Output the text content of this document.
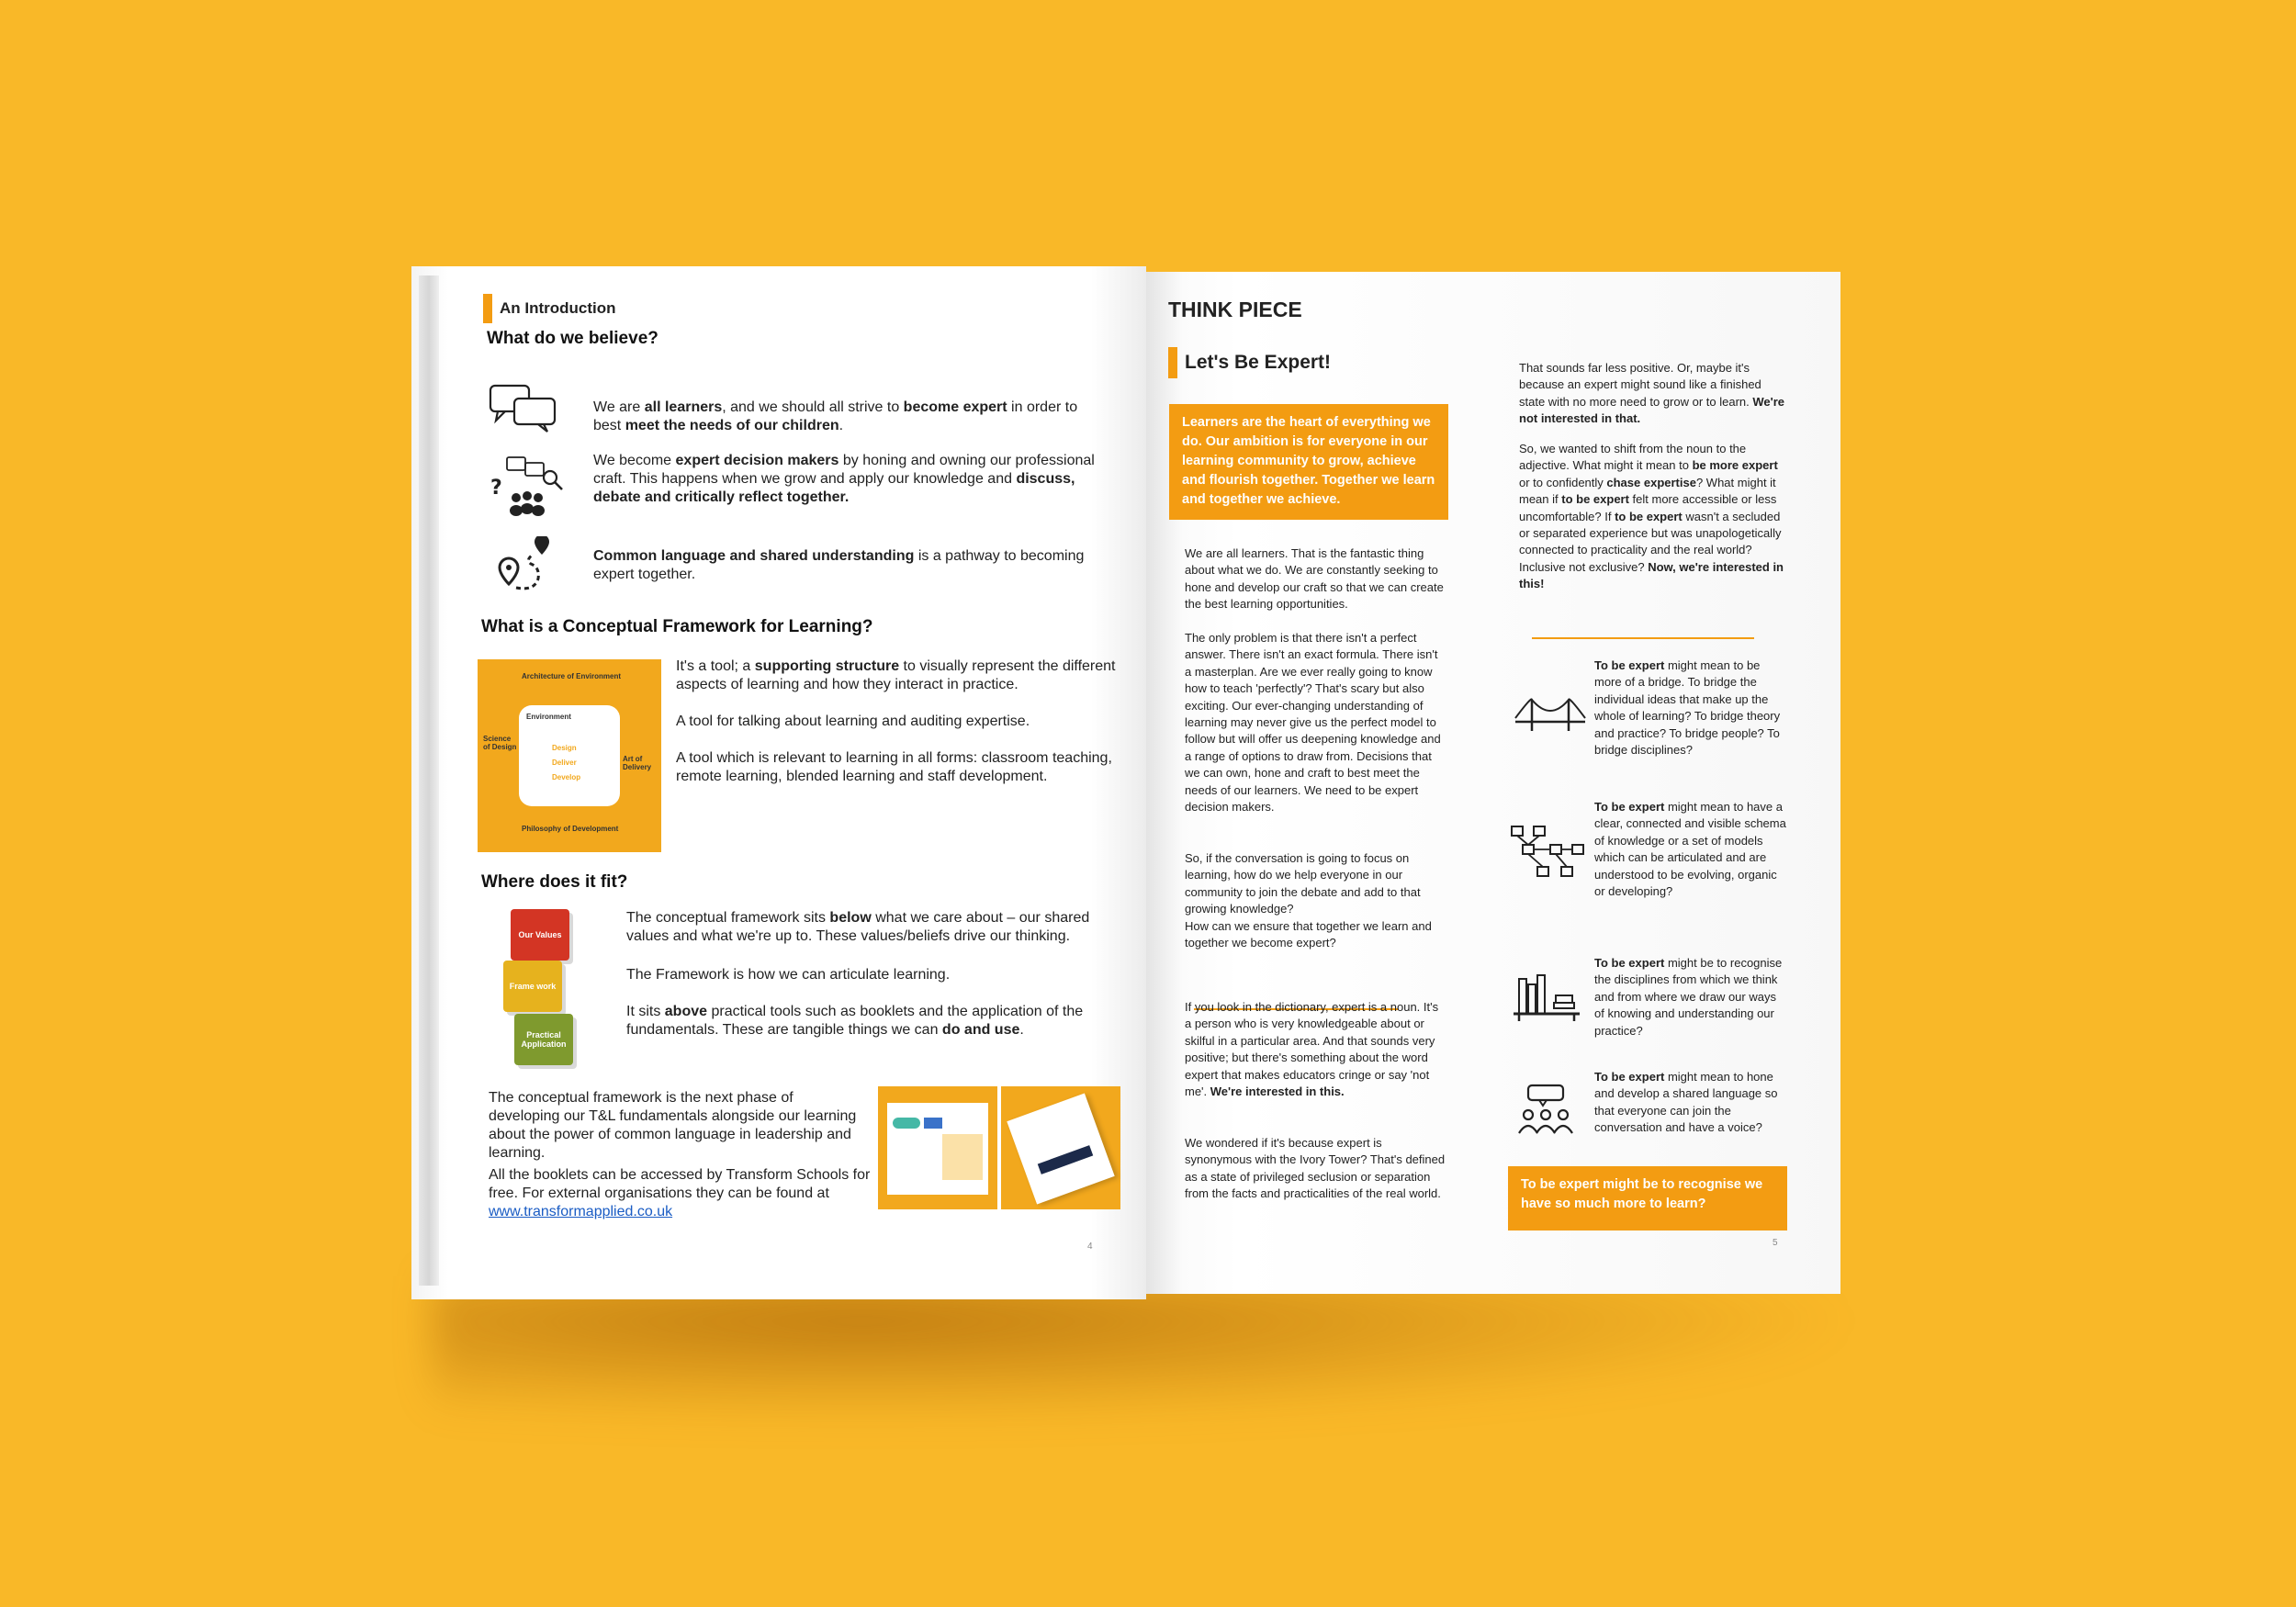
An Introduction
What do we believe?
We are all learners, and we should all strive to become expert in order to best meet the needs of our children.
?
We become expert decision makers by honing and owning our professional craft. This happens when we grow and apply our knowledge and discuss, debate and critically reflect together.
Common language and shared understanding is a pathway to becoming expert together.
What is a Conceptual Framework for Learning?
Architecture of Environment
Science of Design
Art of Delivery
Philosophy of Development
Environment
Design
Deliver
Develop
It's a tool; a supporting structure to visually represent the different aspects of learning and how they interact in practice.
A tool for talking about learning and auditing expertise.
A tool which is relevant to learning in all forms: classroom teaching, remote learning, blended learning and staff development.
Where does it fit?
Our Values
Frame work
Practical Application
The conceptual framework sits below what we care about – our shared values and what we're up to. These values/beliefs drive our thinking.
The Framework is how we can articulate learning.
It sits above practical tools such as booklets and the application of the fundamentals. These are tangible things we can do and use.
The conceptual framework is the next phase of developing our T&L fundamentals alongside our learning about the power of common language in leadership and learning.
All the booklets can be accessed by Transform Schools for free. For external organisations they can be found at www.transformapplied.co.uk
4
THINK PIECE
Let's Be Expert!
Learners are the heart of everything we do. Our ambition is for everyone in our learning community to grow, achieve and flourish together. Together we learn and together we achieve.
We are all learners. That is the fantastic thing about what we do. We are constantly seeking to hone and develop our craft so that we can create the best learning opportunities.
The only problem is that there isn't a perfect answer. There isn't an exact formula. There isn't a masterplan. Are we ever really going to know how to teach 'perfectly'? That's scary but also exciting. Our ever-changing understanding of learning may never give us the perfect model to follow but will offer us deepening knowledge and a range of options to draw from. Decisions that we can own, hone and craft to best meet the needs of our learners. We need to be expert decision makers.
So, if the conversation is going to focus on learning, how do we help everyone in our community to join the debate and add to that growing knowledge?
How can we ensure that together we learn and together we become expert?
If you look in the dictionary, expert is a noun. It's a person who is very knowledgeable about or skilful in a particular area. And that sounds very positive; but there's something about the word expert that makes educators cringe or say 'not me'. We're interested in this.
We wondered if it's because expert is synonymous with the Ivory Tower? That's defined as a state of privileged seclusion or separation from the facts and practicalities of the real world.
That sounds far less positive. Or, maybe it's because an expert might sound like a finished state with no more need to grow or to learn. We're not interested in that.
So, we wanted to shift from the noun to the adjective. What might it mean to be more expert or to confidently chase expertise? What might it mean if to be expert felt more accessible or less uncomfortable? If to be expert wasn't a secluded or separated experience but was unapologetically connected to practicality and the real world? Inclusive not exclusive? Now, we're interested in this!
To be expert might mean to be more of a bridge. To bridge the individual ideas that make up the whole of learning? To bridge theory and practice? To bridge people? To bridge disciplines?
To be expert might mean to have a clear, connected and visible schema of knowledge or a set of models which can be articulated and are understood to be evolving, organic or developing?
To be expert might be to recognise the disciplines from which we think and from where we draw our ways of knowing and understanding our practice?
To be expert might mean to hone and develop a shared language so that everyone can join the conversation and have a voice?
To be expert might be to recognise we have so much more to learn?
5
